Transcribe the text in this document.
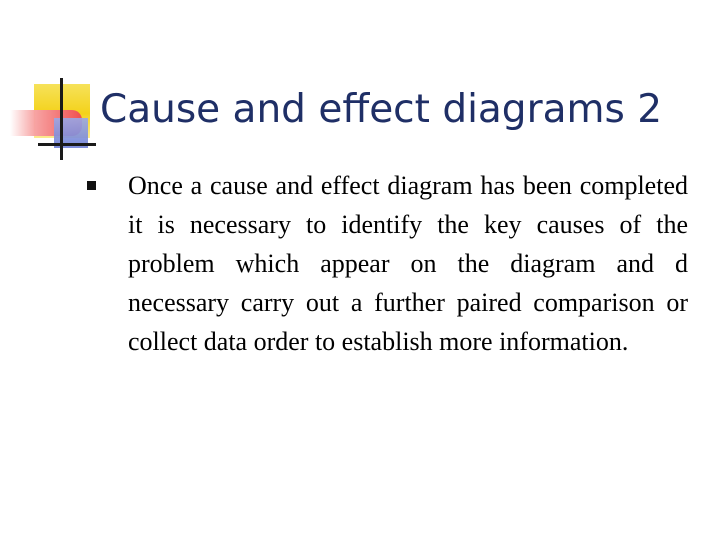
Cause and effect diagrams 2

Once a cause and effect diagram has been completed it is necessary to identify the key causes of the problem which appear on the diagram and d necessary carry out a further paired comparison or collect data order to establish more information.
